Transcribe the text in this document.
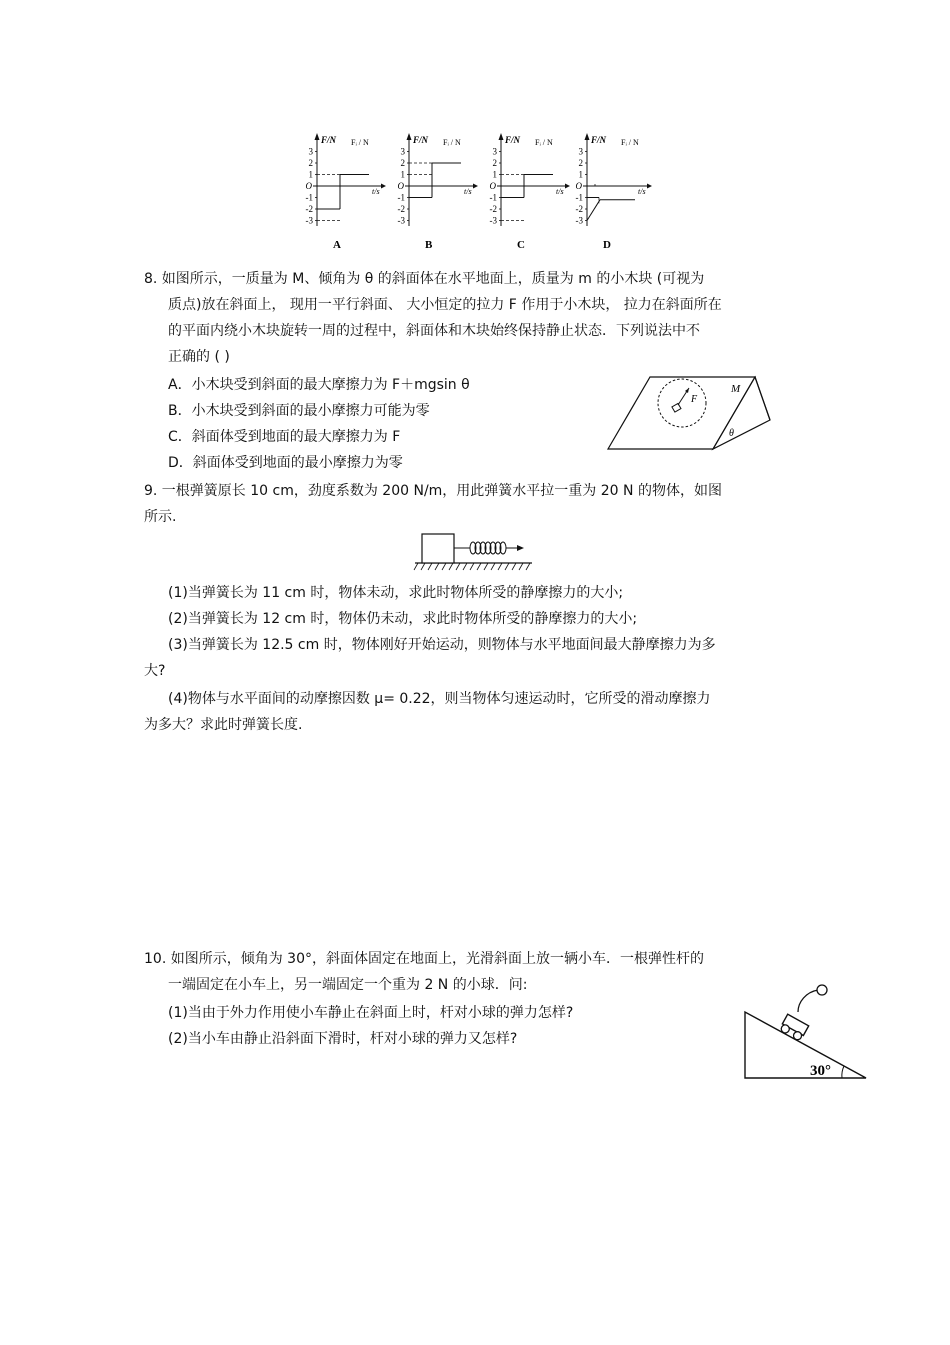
3
2
1
-1
-2
-3
O
F/N
t/s
Fᵢ / N
A
3
2
1
-1
-2
-3
O
F/N
t/s
Fᵢ / N
B
3
2
1
-1
-2
-3
O
F/N
t/s
Fᵢ / N
C
3
2
1
-1
-2
-3
O
F/N
t/s
Fᵢ / N
D
8. 如图所示，一质量为 M、倾角为 θ 的斜面体在水平地面上，质量为 m 的小木块 (可视为
质点)放在斜面上， 现用一平行斜面、 大小恒定的拉力 F 作用于小木块， 拉力在斜面所在
的平面内绕小木块旋转一周的过程中，斜面体和木块始终保持静止状态．下列说法中不
正确的 ( )
A．小木块受到斜面的最大摩擦力为 F＋mgsin θ
B．小木块受到斜面的最小摩擦力可能为零
C．斜面体受到地面的最大摩擦力为 F
D．斜面体受到地面的最小摩擦力为零
F
M
θ
9. 一根弹簧原长 10 cm，劲度系数为 200 N/m，用此弹簧水平拉一重为 20 N 的物体，如图
所示.
(1)当弹簧长为 11 cm 时，物体未动，求此时物体所受的静摩擦力的大小;
(2)当弹簧长为 12 cm 时，物体仍未动，求此时物体所受的静摩擦力的大小;
(3)当弹簧长为 12.5 cm 时，物体刚好开始运动，则物体与水平地面间最大静摩擦力为多
大?
(4)物体与水平面间的动摩擦因数 μ= 0.22，则当物体匀速运动时，它所受的滑动摩擦力
为多大？求此时弹簧长度.
10. 如图所示，倾角为 30°，斜面体固定在地面上，光滑斜面上放一辆小车．一根弹性杆的
一端固定在小车上，另一端固定一个重为 2 N 的小球．问:
(1)当由于外力作用使小车静止在斜面上时，杆对小球的弹力怎样?
(2)当小车由静止沿斜面下滑时，杆对小球的弹力又怎样?
30°
